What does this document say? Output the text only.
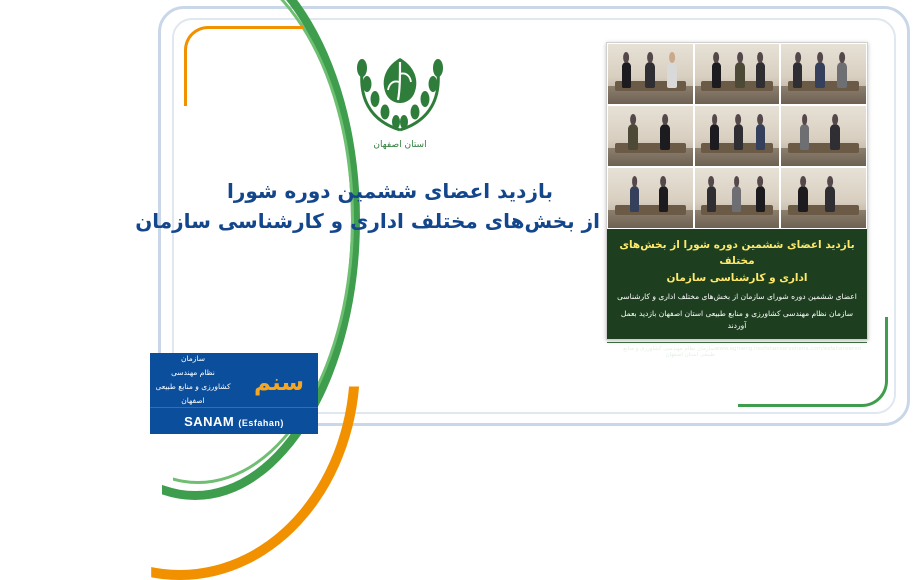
استان اصفهان
بازدید اعضای ششمین دوره شورا
از بخش‌های مختلف اداری و کارشناسی سازمان
بازدید اعضای ششمین دوره شورا از بخش‌های مختلف
اداری و کارشناسی سازمان
اعضای ششمین دوره شورای سازمان از بخش‌های مختلف اداری و کارشناسی
سازمان نظام مهندسی کشاورزی و منابع طبیعی استان اصفهان بازدید بعمل آوردند
nena.com/esfahanservo
esfahanservo
www.agroeng.ir
سازمان نظام مهندسی کشاورزی و منابع طبیعی استان اصفهان
سنم
سازمان
نظام مهندسی
کشاورزی و منابع طبیعی اصفهان
SANAM (Esfahan)
